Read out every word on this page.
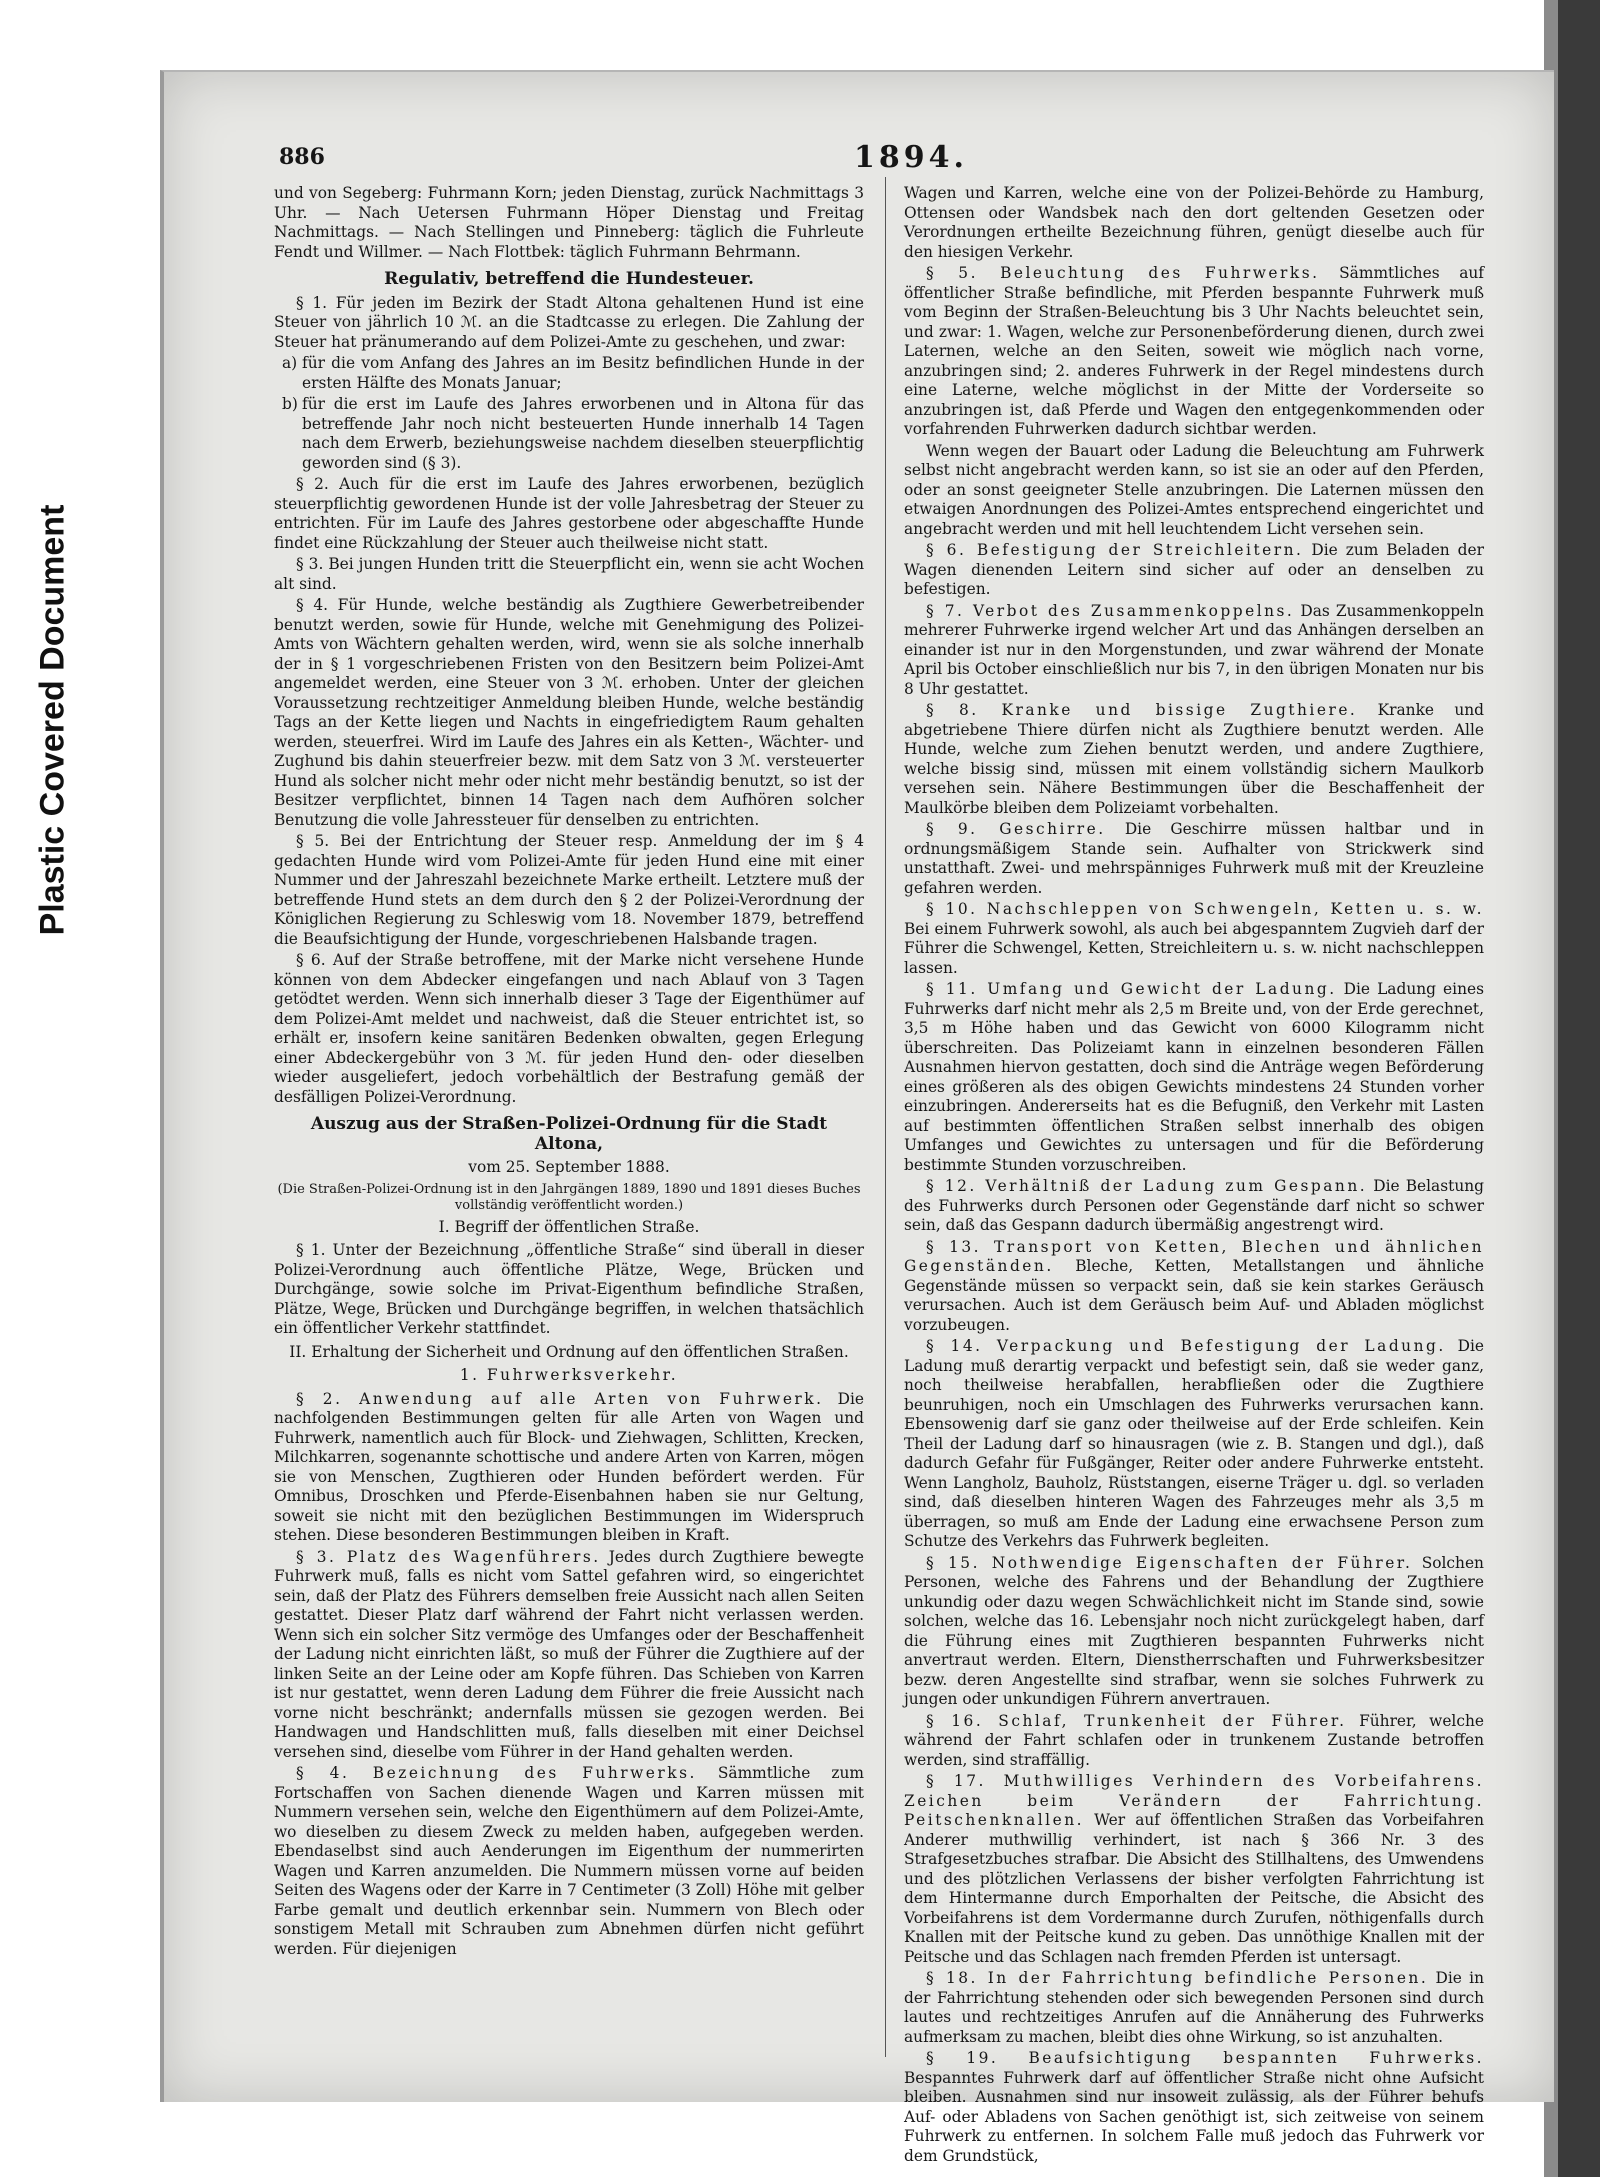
Plastic Covered Document
886	1894.

und von Segeberg: Fuhrmann Korn; jeden Dienstag, zurück Nachmittags 3 Uhr. — Nach Uetersen Fuhrmann Höper Dienstag und Freitag Nachmittags. — Nach Stellingen und Pinneberg: täglich die Fuhrleute Fendt und Willmer. — Nach Flottbek: täglich Fuhrmann Behrmann.

Regulativ, betreffend die Hundesteuer.

§ 1. Für jeden im Bezirk der Stadt Altona gehaltenen Hund ist eine Steuer von jährlich 10 ℳ. an die Stadtcasse zu erlegen. Die Zahlung der Steuer hat pränumerando auf dem Polizei-Amte zu geschehen, und zwar:

a) für die vom Anfang des Jahres an im Besitz befindlichen Hunde in der ersten Hälfte des Monats Januar;

b) für die erst im Laufe des Jahres erworbenen und in Altona für das betreffende Jahr noch nicht besteuerten Hunde innerhalb 14 Tagen nach dem Erwerb, beziehungsweise nachdem dieselben steuerpflichtig geworden sind (§ 3).

§ 2. Auch für die erst im Laufe des Jahres erworbenen, bezüglich steuerpflichtig gewordenen Hunde ist der volle Jahresbetrag der Steuer zu entrichten. Für im Laufe des Jahres gestorbene oder abgeschaffte Hunde findet eine Rückzahlung der Steuer auch theilweise nicht statt.

§ 3. Bei jungen Hunden tritt die Steuerpflicht ein, wenn sie acht Wochen alt sind.

§ 4. Für Hunde, welche beständig als Zugthiere Gewerbetreibender benutzt werden, sowie für Hunde, welche mit Genehmigung des Polizei-Amts von Wächtern gehalten werden, wird, wenn sie als solche innerhalb der in § 1 vorgeschriebenen Fristen von den Besitzern beim Polizei-Amt angemeldet werden, eine Steuer von 3 ℳ. erhoben. Unter der gleichen Voraussetzung rechtzeitiger Anmeldung bleiben Hunde, welche beständig Tags an der Kette liegen und Nachts in eingefriedigtem Raum gehalten werden, steuerfrei. Wird im Laufe des Jahres ein als Ketten-, Wächter- und Zughund bis dahin steuerfreier bezw. mit dem Satz von 3 ℳ. versteuerter Hund als solcher nicht mehr oder nicht mehr beständig benutzt, so ist der Besitzer verpflichtet, binnen 14 Tagen nach dem Aufhören solcher Benutzung die volle Jahressteuer für denselben zu entrichten.

§ 5. Bei der Entrichtung der Steuer resp. Anmeldung der im § 4 gedachten Hunde wird vom Polizei-Amte für jeden Hund eine mit einer Nummer und der Jahreszahl bezeichnete Marke ertheilt. Letztere muß der betreffende Hund stets an dem durch den § 2 der Polizei-Verordnung der Königlichen Regierung zu Schleswig vom 18. November 1879, betreffend die Beaufsichtigung der Hunde, vorgeschriebenen Halsbande tragen.

§ 6. Auf der Straße betroffene, mit der Marke nicht versehene Hunde können von dem Abdecker eingefangen und nach Ablauf von 3 Tagen getödtet werden. Wenn sich innerhalb dieser 3 Tage der Eigenthümer auf dem Polizei-Amt meldet und nachweist, daß die Steuer entrichtet ist, so erhält er, insofern keine sanitären Bedenken obwalten, gegen Erlegung einer Abdeckergebühr von 3 ℳ. für jeden Hund den- oder dieselben wieder ausgeliefert, jedoch vorbehältlich der Bestrafung gemäß der desfälligen Polizei-Verordnung.

Auszug aus der Straßen-Polizei-Ordnung für die Stadt Altona,
vom 25. September 1888.
(Die Straßen-Polizei-Ordnung ist in den Jahrgängen 1889, 1890 und 1891 dieses Buches vollständig veröffentlicht worden.)
I. Begriff der öffentlichen Straße.

§ 1. Unter der Bezeichnung „öffentliche Straße“ sind überall in dieser Polizei-Verordnung auch öffentliche Plätze, Wege, Brücken und Durchgänge, sowie solche im Privat-Eigenthum befindliche Straßen, Plätze, Wege, Brücken und Durchgänge begriffen, in welchen thatsächlich ein öffentlicher Verkehr stattfindet.

II. Erhaltung der Sicherheit und Ordnung auf den öffentlichen Straßen.
1. Fuhrwerksverkehr.

§ 2. Anwendung auf alle Arten von Fuhrwerk. Die nachfolgenden Bestimmungen gelten für alle Arten von Wagen und Fuhrwerk, namentlich auch für Block- und Ziehwagen, Schlitten, Krecken, Milchkarren, sogenannte schottische und andere Arten von Karren, mögen sie von Menschen, Zugthieren oder Hunden befördert werden. Für Omnibus, Droschken und Pferde-Eisenbahnen haben sie nur Geltung, soweit sie nicht mit den bezüglichen Bestimmungen im Widerspruch stehen. Diese besonderen Bestimmungen bleiben in Kraft.

§ 3. Platz des Wagenführers. Jedes durch Zugthiere bewegte Fuhrwerk muß, falls es nicht vom Sattel gefahren wird, so eingerichtet sein, daß der Platz des Führers demselben freie Aussicht nach allen Seiten gestattet. Dieser Platz darf während der Fahrt nicht verlassen werden. Wenn sich ein solcher Sitz vermöge des Umfanges oder der Beschaffenheit der Ladung nicht einrichten läßt, so muß der Führer die Zugthiere auf der linken Seite an der Leine oder am Kopfe führen. Das Schieben von Karren ist nur gestattet, wenn deren Ladung dem Führer die freie Aussicht nach vorne nicht beschränkt; andernfalls müssen sie gezogen werden. Bei Handwagen und Handschlitten muß, falls dieselben mit einer Deichsel versehen sind, dieselbe vom Führer in der Hand gehalten werden.

§ 4. Bezeichnung des Fuhrwerks. Sämmtliche zum Fortschaffen von Sachen dienende Wagen und Karren müssen mit Nummern versehen sein, welche den Eigenthümern auf dem Polizei-Amte, wo dieselben zu diesem Zweck zu melden haben, aufgegeben werden. Ebendaselbst sind auch Aenderungen im Eigenthum der nummerirten Wagen und Karren anzumelden. Die Nummern müssen vorne auf beiden Seiten des Wagens oder der Karre in 7 Centimeter (3 Zoll) Höhe mit gelber Farbe gemalt und deutlich erkennbar sein. Nummern von Blech oder sonstigem Metall mit Schrauben zum Abnehmen dürfen nicht geführt werden. Für diejenigen

Wagen und Karren, welche eine von der Polizei-Behörde zu Hamburg, Ottensen oder Wandsbek nach den dort geltenden Gesetzen oder Verordnungen ertheilte Bezeichnung führen, genügt dieselbe auch für den hiesigen Verkehr.

§ 5. Beleuchtung des Fuhrwerks. Sämmtliches auf öffentlicher Straße befindliche, mit Pferden bespannte Fuhrwerk muß vom Beginn der Straßen-Beleuchtung bis 3 Uhr Nachts beleuchtet sein, und zwar: 1. Wagen, welche zur Personenbeförderung dienen, durch zwei Laternen, welche an den Seiten, soweit wie möglich nach vorne, anzubringen sind; 2. anderes Fuhrwerk in der Regel mindestens durch eine Laterne, welche möglichst in der Mitte der Vorderseite so anzubringen ist, daß Pferde und Wagen den entgegenkommenden oder vorfahrenden Fuhrwerken dadurch sichtbar werden.

Wenn wegen der Bauart oder Ladung die Beleuchtung am Fuhrwerk selbst nicht angebracht werden kann, so ist sie an oder auf den Pferden, oder an sonst geeigneter Stelle anzubringen. Die Laternen müssen den etwaigen Anordnungen des Polizei-Amtes entsprechend eingerichtet und angebracht werden und mit hell leuchtendem Licht versehen sein.

§ 6. Befestigung der Streichleitern. Die zum Beladen der Wagen dienenden Leitern sind sicher auf oder an denselben zu befestigen.

§ 7. Verbot des Zusammenkoppelns. Das Zusammenkoppeln mehrerer Fuhrwerke irgend welcher Art und das Anhängen derselben an einander ist nur in den Morgenstunden, und zwar während der Monate April bis October einschließlich nur bis 7, in den übrigen Monaten nur bis 8 Uhr gestattet.

§ 8. Kranke und bissige Zugthiere. Kranke und abgetriebene Thiere dürfen nicht als Zugthiere benutzt werden. Alle Hunde, welche zum Ziehen benutzt werden, und andere Zugthiere, welche bissig sind, müssen mit einem vollständig sichern Maulkorb versehen sein. Nähere Bestimmungen über die Beschaffenheit der Maulkörbe bleiben dem Polizeiamt vorbehalten.

§ 9. Geschirre. Die Geschirre müssen haltbar und in ordnungsmäßigem Stande sein. Aufhalter von Strickwerk sind unstatthaft. Zwei- und mehrspänniges Fuhrwerk muß mit der Kreuzleine gefahren werden.

§ 10. Nachschleppen von Schwengeln, Ketten u. s. w. Bei einem Fuhrwerk sowohl, als auch bei abgespanntem Zugvieh darf der Führer die Schwengel, Ketten, Streichleitern u. s. w. nicht nachschleppen lassen.

§ 11. Umfang und Gewicht der Ladung. Die Ladung eines Fuhrwerks darf nicht mehr als 2,5 m Breite und, von der Erde gerechnet, 3,5 m Höhe haben und das Gewicht von 6000 Kilogramm nicht überschreiten. Das Polizeiamt kann in einzelnen besonderen Fällen Ausnahmen hiervon gestatten, doch sind die Anträge wegen Beförderung eines größeren als des obigen Gewichts mindestens 24 Stunden vorher einzubringen. Andererseits hat es die Befugniß, den Verkehr mit Lasten auf bestimmten öffentlichen Straßen selbst innerhalb des obigen Umfanges und Gewichtes zu untersagen und für die Beförderung bestimmte Stunden vorzuschreiben.

§ 12. Verhältniß der Ladung zum Gespann. Die Belastung des Fuhrwerks durch Personen oder Gegenstände darf nicht so schwer sein, daß das Gespann dadurch übermäßig angestrengt wird.

§ 13. Transport von Ketten, Blechen und ähnlichen Gegenständen. Bleche, Ketten, Metallstangen und ähnliche Gegenstände müssen so verpackt sein, daß sie kein starkes Geräusch verursachen. Auch ist dem Geräusch beim Auf- und Abladen möglichst vorzubeugen.

§ 14. Verpackung und Befestigung der Ladung. Die Ladung muß derartig verpackt und befestigt sein, daß sie weder ganz, noch theilweise herabfallen, herabfließen oder die Zugthiere beunruhigen, noch ein Umschlagen des Fuhrwerks verursachen kann. Ebensowenig darf sie ganz oder theilweise auf der Erde schleifen. Kein Theil der Ladung darf so hinausragen (wie z. B. Stangen und dgl.), daß dadurch Gefahr für Fußgänger, Reiter oder andere Fuhrwerke entsteht. Wenn Langholz, Bauholz, Rüststangen, eiserne Träger u. dgl. so verladen sind, daß dieselben hinteren Wagen des Fahrzeuges mehr als 3,5 m überragen, so muß am Ende der Ladung eine erwachsene Person zum Schutze des Verkehrs das Fuhrwerk begleiten.

§ 15. Nothwendige Eigenschaften der Führer. Solchen Personen, welche des Fahrens und der Behandlung der Zugthiere unkundig oder dazu wegen Schwächlichkeit nicht im Stande sind, sowie solchen, welche das 16. Lebensjahr noch nicht zurückgelegt haben, darf die Führung eines mit Zugthieren bespannten Fuhrwerks nicht anvertraut werden. Eltern, Dienstherrschaften und Fuhrwerksbesitzer bezw. deren Angestellte sind strafbar, wenn sie solches Fuhrwerk zu jungen oder unkundigen Führern anvertrauen.

§ 16. Schlaf, Trunkenheit der Führer. Führer, welche während der Fahrt schlafen oder in trunkenem Zustande betroffen werden, sind straffällig.

§ 17. Muthwilliges Verhindern des Vorbeifahrens. Zeichen beim Verändern der Fahrrichtung. Peitschenknallen. Wer auf öffentlichen Straßen das Vorbeifahren Anderer muthwillig verhindert, ist nach § 366 Nr. 3 des Strafgesetzbuches strafbar. Die Absicht des Stillhaltens, des Umwendens und des plötzlichen Verlassens der bisher verfolgten Fahrrichtung ist dem Hintermanne durch Emporhalten der Peitsche, die Absicht des Vorbeifahrens ist dem Vordermanne durch Zurufen, nöthigenfalls durch Knallen mit der Peitsche kund zu geben. Das unnöthige Knallen mit der Peitsche und das Schlagen nach fremden Pferden ist untersagt.

§ 18. In der Fahrrichtung befindliche Personen. Die in der Fahrrichtung stehenden oder sich bewegenden Personen sind durch lautes und rechtzeitiges Anrufen auf die Annäherung des Fuhrwerks aufmerksam zu machen, bleibt dies ohne Wirkung, so ist anzuhalten.

§ 19. Beaufsichtigung bespannten Fuhrwerks. Bespanntes Fuhrwerk darf auf öffentlicher Straße nicht ohne Aufsicht bleiben. Ausnahmen sind nur insoweit zulässig, als der Führer behufs Auf- oder Abladens von Sachen genöthigt ist, sich zeitweise von seinem Fuhrwerk zu entfernen. In solchem Falle muß jedoch das Fuhrwerk vor dem Grundstück,
